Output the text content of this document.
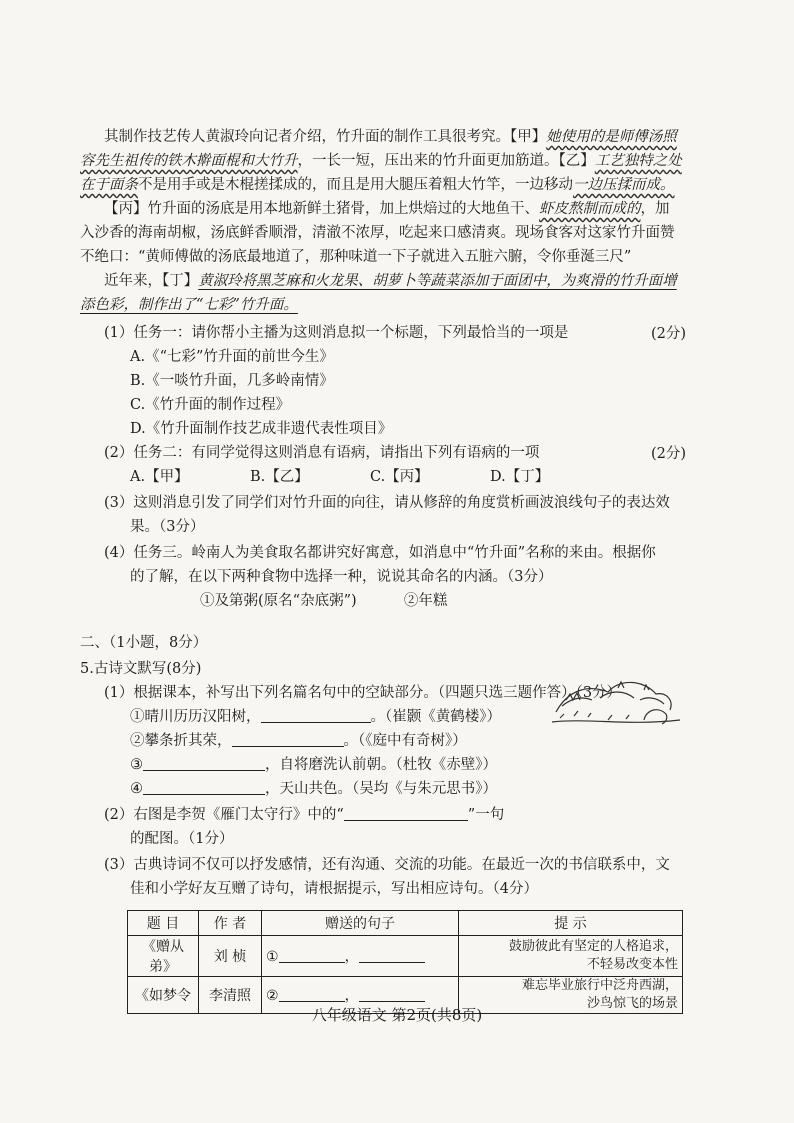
其制作技艺传人黄淑玲向记者介绍，竹升面的制作工具很考究。【甲】她使用的是师傅汤照
容先生祖传的铁木擀面棍和大竹升，一长一短，压出来的竹升面更加筋道。【乙】工艺独特之处
在于面条不是用手或是木棍搓揉成的，而且是用大腿压着粗大竹竿，一边移动一边压揉而成。
【丙】竹升面的汤底是用本地新鲜土猪骨，加上烘焙过的大地鱼干、虾皮熬制而成的，加
入沙香的海南胡椒，汤底鲜香顺滑，清澈不浓厚，吃起来口感清爽。现场食客对这家竹升面赞
不绝口：“黄师傅做的汤底最地道了，那种味道一下子就进入五脏六腑，令你垂涎三尺”
近年来，【丁】黄淑玲将黑芝麻和火龙果、胡萝卜等蔬菜添加于面团中，为爽滑的竹升面增
添色彩，制作出了“七彩”竹升面。
(1）任务一：请你帮小主播为这则消息拟一个标题，下列最恰当的一项是	(2分)
A.《“七彩”竹升面的前世今生》
B.《一啖竹升面，几多岭南情》
C.《竹升面的制作过程》
D.《竹升面制作技艺成非遗代表性项目》
(2）任务二：有同学觉得这则消息有语病，请指出下列有语病的一项	(2分)
A.【甲】	B.【乙】	C.【丙】	D.【丁】
(3）这则消息引发了同学们对竹升面的向往，请从修辞的角度赏析画波浪线句子的表达效
果。（3分）
(4）任务三。岭南人为美食取名都讲究好寓意，如消息中“竹升面”名称的来由。根据你
的了解，在以下两种食物中选择一种，说说其命名的内涵。（3分）
①及第粥(原名“杂底粥”)	②年糕
二、（1小题，8分）
5.古诗文默写(8分)
(1）根据课本，补写出下列名篇名句中的空缺部分。（四题只选三题作答）（3分）
①晴川历历汉阳树，	。（崔颢《黄鹤楼》）
②攀条折其荣，	。（《庭中有奇树》）
③	，自将磨洗认前朝。（杜牧《赤壁》）
④	，天山共色。（吴均《与朱元思书》）
(2）右图是李贺《雁门太守行》中的“	”一句
的配图。（1分）
(3）古典诗词不仅可以抒发感情，还有沟通、交流的功能。在最近一次的书信联系中，文
佳和小学好友互赠了诗句，请根据提示，写出相应诗句。（4分）
题 目	作 者	赠送的句子	提 示
《赠从弟》	刘 桢	① ，	鼓励彼此有坚定的人格追求，
不轻易改变本性

《如梦令	李清照	② ，	难忘毕业旅行中泛舟西湖，
沙鸟惊飞的场景
八年级语文 第2页(共8页)
